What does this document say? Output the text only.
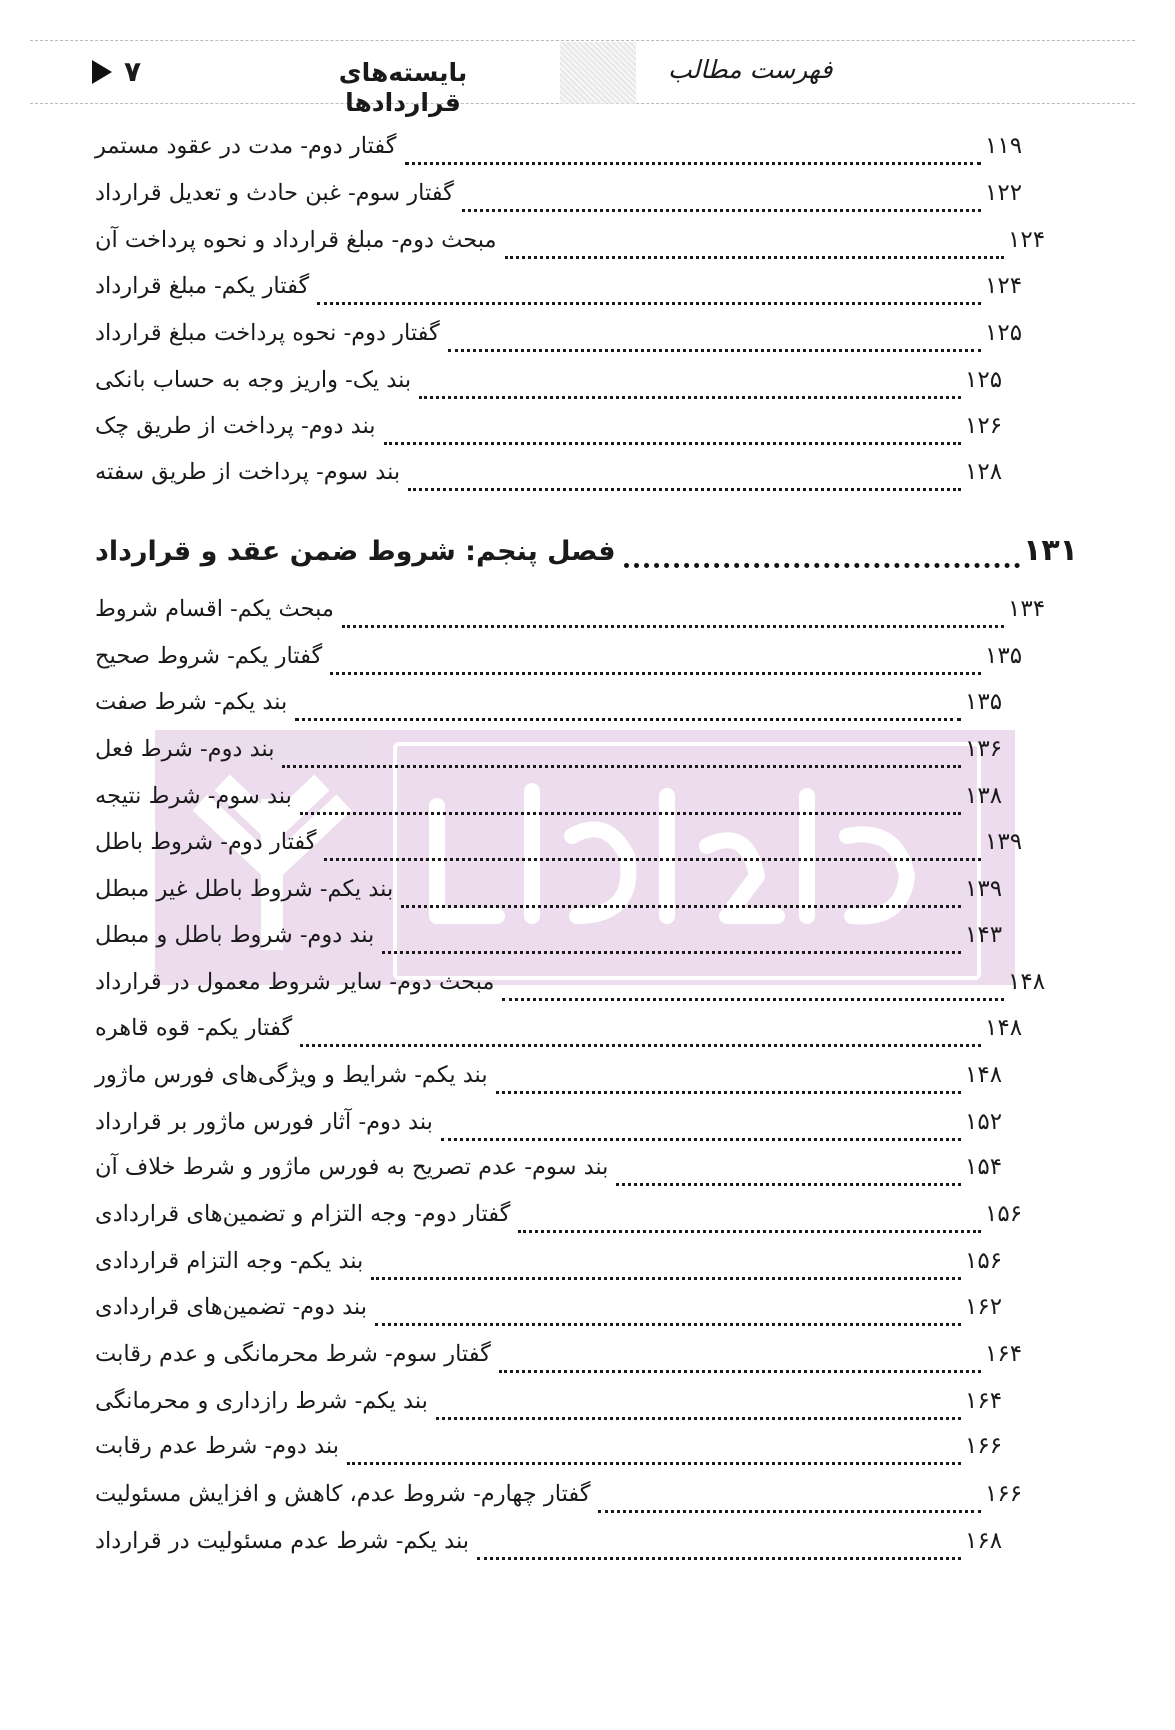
۷	بایسته‌های قراردادها
فهرست مطالب
گفتار دوم- مدت در عقود مستمر	۱۱۹
گفتار سوم- غبن حادث و تعدیل قرارداد	۱۲۲
مبحث دوم- مبلغ قرارداد و نحوه پرداخت آن	۱۲۴
گفتار یکم- مبلغ قرارداد	۱۲۴
گفتار دوم- نحوه پرداخت مبلغ قرارداد	۱۲۵
بند یک- واریز وجه به حساب بانکی	۱۲۵
بند دوم- پرداخت از طریق چک	۱۲۶
بند سوم- پرداخت از طریق سفته	۱۲۸
فصل پنجم: شروط ضمن عقد و قرارداد	۱۳۱
مبحث یکم- اقسام شروط	۱۳۴
گفتار یکم- شروط صحیح	۱۳۵
بند یکم- شرط صفت	۱۳۵
بند دوم- شرط فعل	۱۳۶
بند سوم- شرط نتیجه	۱۳۸
گفتار دوم- شروط باطل	۱۳۹
بند یکم- شروط باطل غیر مبطل	۱۳۹
بند دوم- شروط باطل و مبطل	۱۴۳
مبحث دوم- سایر شروط معمول در قرارداد	۱۴۸
گفتار یکم- قوه قاهره	۱۴۸
بند یکم- شرایط و ویژگی‌های فورس ماژور	۱۴۸
بند دوم- آثار فورس ماژور بر قرارداد	۱۵۲
بند سوم- عدم تصریح به فورس ماژور و شرط خلاف آن	۱۵۴
گفتار دوم- وجه التزام و تضمین‌های قراردادی	۱۵۶
بند یکم- وجه التزام قراردادی	۱۵۶
بند دوم- تضمین‌های قراردادی	۱۶۲
گفتار سوم- شرط محرمانگی و عدم رقابت	۱۶۴
بند یکم- شرط رازداری و محرمانگی	۱۶۴
بند دوم- شرط عدم رقابت	۱۶۶
گفتار چهارم- شروط عدم، کاهش و افزایش مسئولیت	۱۶۶
بند یکم- شرط عدم مسئولیت در قرارداد	۱۶۸
